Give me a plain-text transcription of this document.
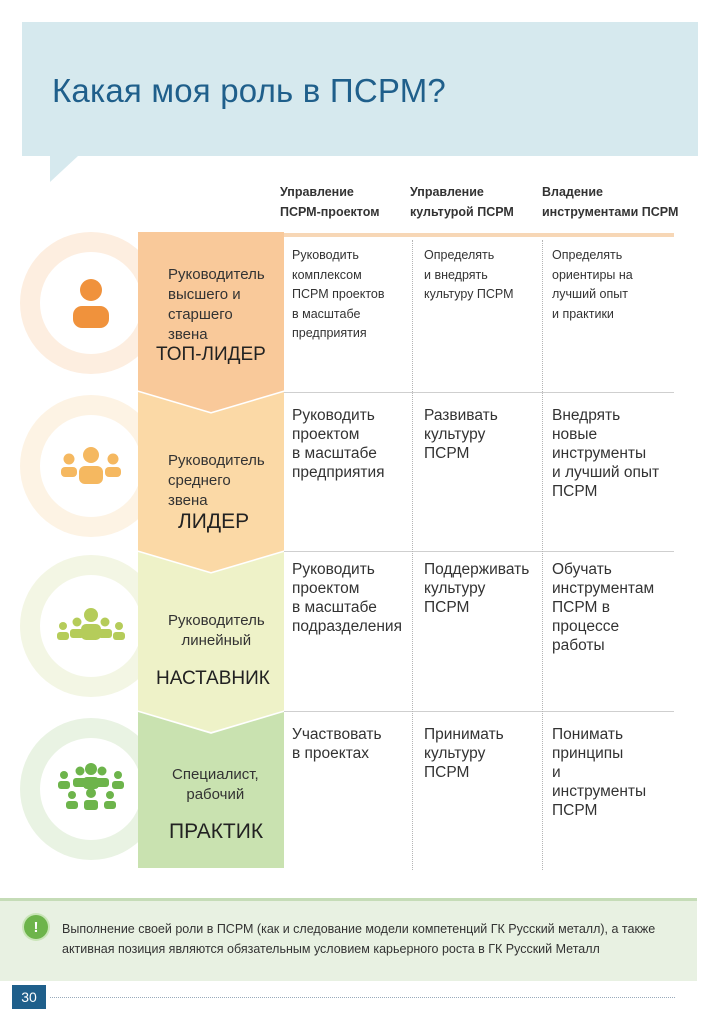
Какая моя роль в ПСРМ?
Управление
ПСРМ-проектом
Управление
культурой ПСРМ
Владение
инструментами ПСРМ
Руководитель
высшего и
старшего
звена
ТОП-ЛИДЕР
Руководитель
среднего
звена
ЛИДЕР
Руководитель
линейный
НАСТАВНИК
Специалист,
рабочий
ПРАКТИК
Руководить
комплексом
ПСРМ проектов
в масштабе
предприятия
Определять
и внедрять
культуру ПСРМ
Определять
ориентиры на
лучший опыт
и практики
Руководить
проектом
в масштабе
предприятия
Развивать
культуру
ПСРМ
Внедрять
новые
инструменты
и лучший опыт
ПСРМ
Руководить
проектом
в масштабе
подразделения
Поддерживать
культуру
ПСРМ
Обучать
инструментам
ПСРМ в
процессе
работы
Участвовать
в проектах
Принимать
культуру
ПСРМ
Понимать
принципы
и
инструменты
ПСРМ
!	Выполнение своей роли в ПСРМ (как и следование модели компетенций ГК Русский металл), а также активная позиция являются обязательным условием карьерного роста в ГК Русский Металл
30
